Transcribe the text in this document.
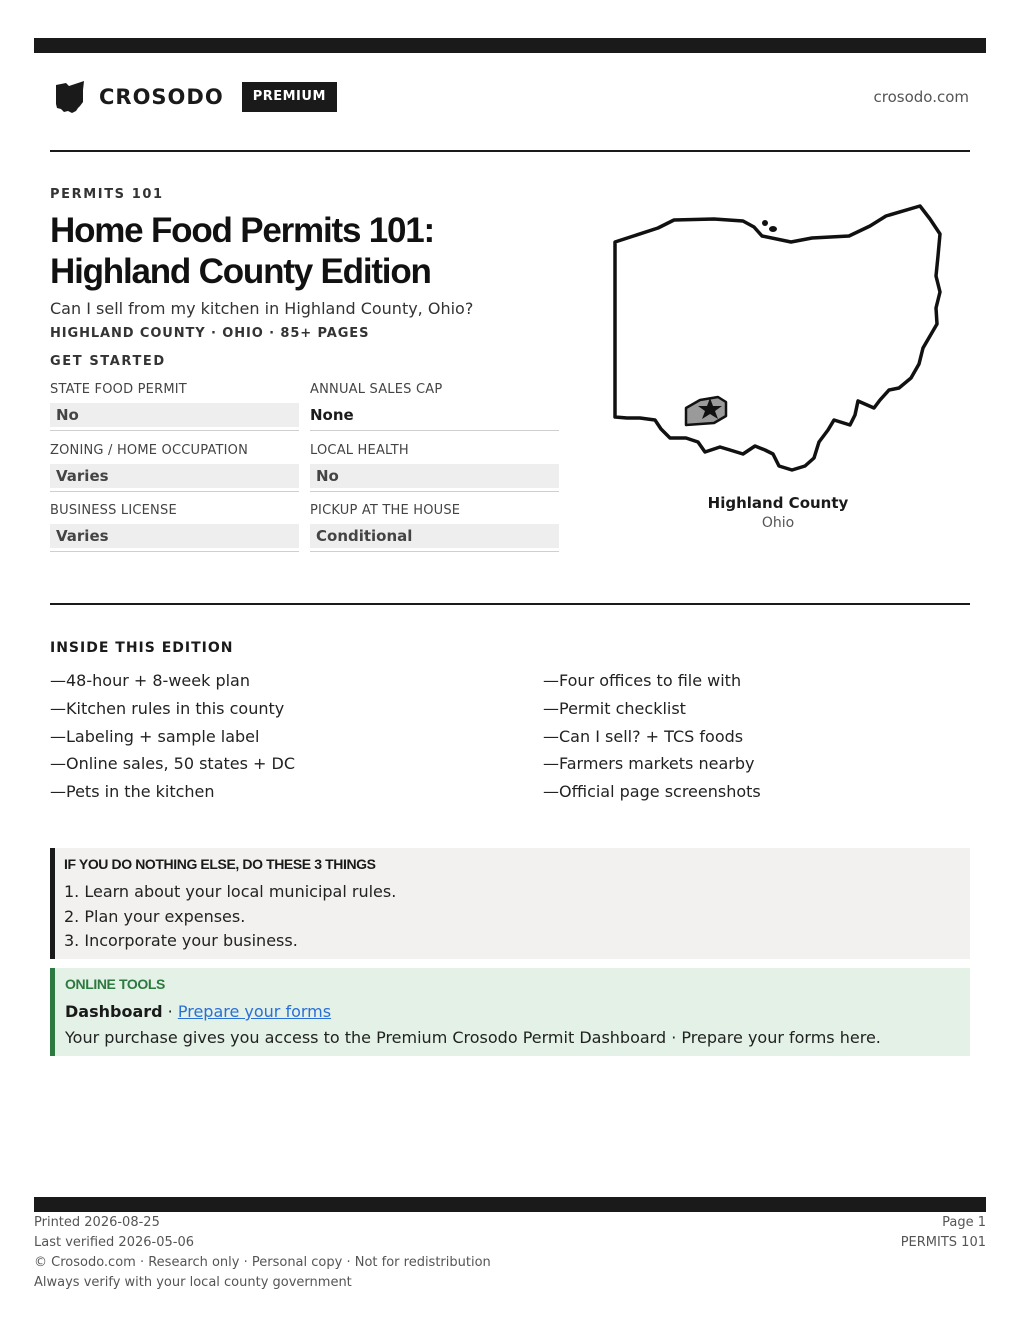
CROSODO	PREMIUM	crosodo.com
PERMITS 101
Home Food Permits 101:
Highland County Edition
Can I sell from my kitchen in Highland County, Ohio?
HIGHLAND COUNTY · OHIO · 85+ PAGES
GET STARTED
STATE FOOD PERMIT
No
ANNUAL SALES CAP
None
ZONING / HOME OCCUPATION
Varies
LOCAL HEALTH
No
BUSINESS LICENSE
Varies
PICKUP AT THE HOUSE
Conditional
Highland County
Ohio
INSIDE THIS EDITION
—48-hour + 8-week plan
—Kitchen rules in this county
—Labeling + sample label
—Online sales, 50 states + DC
—Pets in the kitchen
—Four offices to file with
—Permit checklist
—Can I sell? + TCS foods
—Farmers markets nearby
—Official page screenshots
IF YOU DO NOTHING ELSE, DO THESE 3 THINGS
1. Learn about your local municipal rules.
2. Plan your expenses.
3. Incorporate your business.
ONLINE TOOLS
Dashboard · Prepare your forms
Your purchase gives you access to the Premium Crosodo Permit Dashboard · Prepare your forms here.
Printed 2026-08-25
Last verified 2026-05-06
© Crosodo.com · Research only · Personal copy · Not for redistribution
Always verify with your local county government
Page 1
PERMITS 101
